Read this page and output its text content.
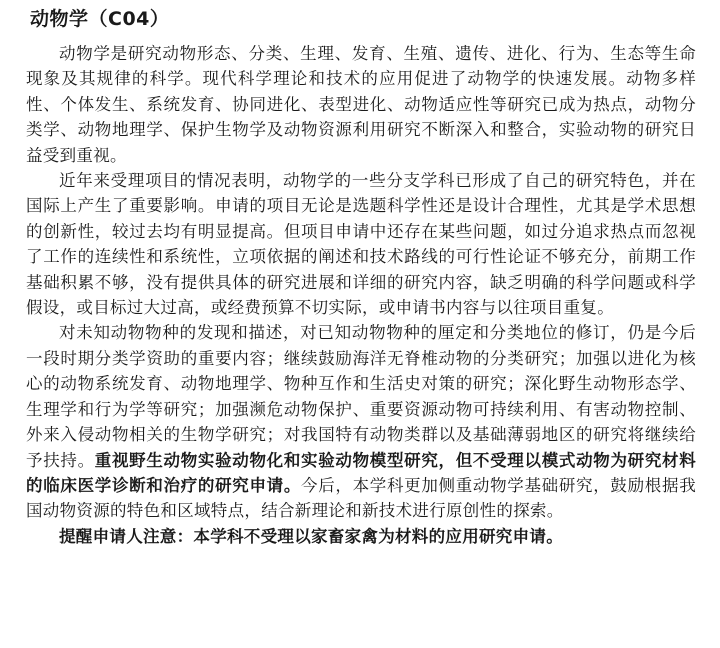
动物学（C04）

动物学是研究动物形态、分类、生理、发育、生殖、遗传、进化、行为、生态等生命现象及其规律的科学。现代科学理论和技术的应用促进了动物学的快速发展。动物多样性、个体发生、系统发育、协同进化、表型进化、动物适应性等研究已成为热点，动物分类学、动物地理学、保护生物学及动物资源利用研究不断深入和整合，实验动物的研究日益受到重视。

近年来受理项目的情况表明，动物学的一些分支学科已形成了自己的研究特色，并在国际上产生了重要影响。申请的项目无论是选题科学性还是设计合理性，尤其是学术思想的创新性，较过去均有明显提高。但项目申请中还存在某些问题，如过分追求热点而忽视了工作的连续性和系统性，立项依据的阐述和技术路线的可行性论证不够充分，前期工作基础积累不够，没有提供具体的研究进展和详细的研究内容，缺乏明确的科学问题或科学假设，或目标过大过高，或经费预算不切实际，或申请书内容与以往项目重复。

对未知动物物种的发现和描述，对已知动物物种的厘定和分类地位的修订，仍是今后一段时期分类学资助的重要内容；继续鼓励海洋无脊椎动物的分类研究；加强以进化为核心的动物系统发育、动物地理学、物种互作和生活史对策的研究；深化野生动物形态学、生理学和行为学等研究；加强濒危动物保护、重要资源动物可持续利用、有害动物控制、外来入侵动物相关的生物学研究；对我国特有动物类群以及基础薄弱地区的研究将继续给予扶持。重视野生动物实验动物化和实验动物模型研究，但不受理以模式动物为研究材料的临床医学诊断和治疗的研究申请。今后，本学科更加侧重动物学基础研究，鼓励根据我国动物资源的特色和区域特点，结合新理论和新技术进行原创性的探索。

提醒申请人注意：本学科不受理以家畜家禽为材料的应用研究申请。
